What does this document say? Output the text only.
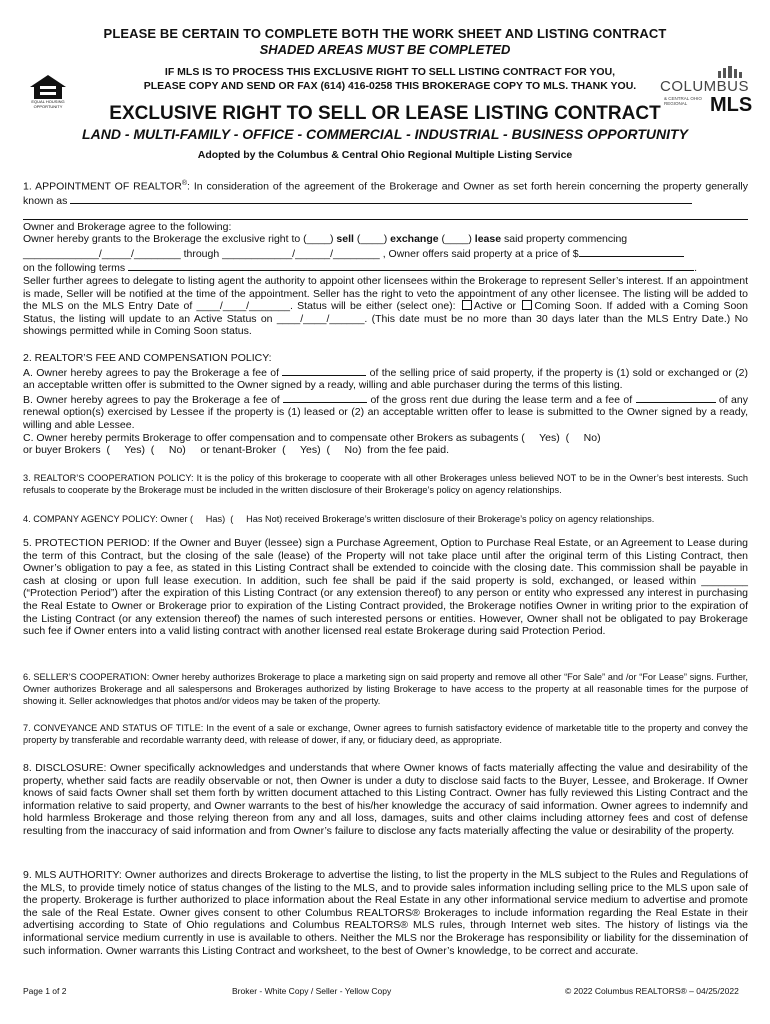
PLEASE BE CERTAIN TO COMPLETE BOTH THE WORK SHEET AND LISTING CONTRACT
SHADED AREAS MUST BE COMPLETED
IF MLS IS TO PROCESS THIS EXCLUSIVE RIGHT TO SELL LISTING CONTRACT FOR YOU,
PLEASE COPY AND SEND OR FAX (614) 416-0258 THIS BROKERAGE COPY TO MLS. THANK YOU.
EQUAL HOUSING OPPORTUNITY
COLUMBUS
& CENTRAL OHIO REGIONAL	MLS
EXCLUSIVE RIGHT TO SELL OR LEASE LISTING CONTRACT
LAND - MULTI-FAMILY - OFFICE - COMMERCIAL - INDUSTRIAL - BUSINESS OPPORTUNITY
Adopted by the Columbus & Central Ohio Regional Multiple Listing Service
1. APPOINTMENT OF REALTOR®: In consideration of the agreement of the Brokerage and Owner as set forth herein concerning the property generally known as
Owner and Brokerage agree to the following:
Owner hereby grants to the Brokerage the exclusive right to (____) sell (____) exchange (____) lease said property commencing
_____________/_____/________ through ____________/______/________ , Owner offers said property at a price of $
on the following terms	.
Seller further agrees to delegate to listing agent the authority to appoint other licensees within the Brokerage to represent Seller’s interest. If an appointment is made, Seller will be notified at the time of the appointment. Seller has the right to veto the appointment of any other licensee. The listing will be added to the MLS on the MLS Entry Date of ____/____/_______. Status will be either (select one): Active or Coming Soon. If added with a Coming Soon Status, the listing will update to an Active Status on ____/____/______. (This date must be no more than 30 days later than the MLS Entry Date.) No showings permitted while in Coming Soon status.
2. REALTOR’S FEE AND COMPENSATION POLICY:
A. Owner hereby agrees to pay the Brokerage a fee of	of the selling price of said property, if the property is (1) sold or exchanged or (2) an acceptable written offer is submitted to the Owner signed by a ready, willing and able purchaser during the terms of this listing.
B. Owner hereby agrees to pay the Brokerage a fee of	of the gross rent due during the lease term and a fee of	of any renewal option(s) exercised by Lessee if the property is (1) leased or (2) an acceptable written offer to lease is submitted to the Owner signed by a ready, willing and able Lessee.
C. Owner hereby permits Brokerage to offer compensation and to compensate other Brokers as subagents (     Yes)  (     No)
or buyer Brokers  (     Yes)  (     No)     or tenant-Broker  (     Yes)  (     No)  from the fee paid.
3. REALTOR’S COOPERATION POLICY: It is the policy of this brokerage to cooperate with all other Brokerages unless believed NOT to be in the Owner’s best interests. Such refusals to cooperate by the Brokerage must be included in the written disclosure of their Brokerage’s policy on agency relationships.
4. COMPANY AGENCY POLICY: Owner (     Has)  (     Has Not) received Brokerage’s written disclosure of their Brokerage’s policy on agency relationships.
5. PROTECTION PERIOD: If the Owner and Buyer (lessee) sign a Purchase Agreement, Option to Purchase Real Estate, or an Agreement to Lease during the term of this Contract, but the closing of the sale (lease) of the Property will not take place until after the original term of this Listing Contract, then Owner’s obligation to pay a fee, as stated in this Listing Contract shall be extended to coincide with the closing date. This commission shall be payable in cash at closing or upon full lease execution. In addition, such fee shall be paid if the said property is sold, exchanged, or leased within ________ (“Protection Period”) after the expiration of this Listing Contract (or any extension thereof) to any person or entity who expressed any interest in purchasing the Real Estate to Owner or Brokerage prior to expiration of the Listing Contract provided, the Brokerage notifies Owner in writing prior to the expiration of the Listing Contract (or any extension thereof) the names of such interested persons or entities. However, Owner shall not be obligated to pay Brokerage such fee if Owner enters into a valid listing contract with another licensed real estate Brokerage during said Protection Period.
6. SELLER’S COOPERATION: Owner hereby authorizes Brokerage to place a marketing sign on said property and remove all other “For Sale” and /or “For Lease” signs. Further, Owner authorizes Brokerage and all salespersons and Brokerages authorized by listing Brokerage to have access to the property at all reasonable times for the purpose of showing it. Seller acknowledges that photos and/or videos may be taken of the property.
7. CONVEYANCE AND STATUS OF TITLE: In the event of a sale or exchange, Owner agrees to furnish satisfactory evidence of marketable title to the property and convey the property by transferable and recordable warranty deed, with release of dower, if any, or fiduciary deed, as appropriate.
8. DISCLOSURE: Owner specifically acknowledges and understands that where Owner knows of facts materially affecting the value and desirability of the property, whether said facts are readily observable or not, then Owner is under a duty to disclose said facts to the Buyer, Lessee, and Brokerage. If Owner knows of said facts Owner shall set them forth by written document attached to this Listing Contract. Owner has fully reviewed this Listing Contract and the information relative to said property, and Owner warrants to the best of his/her knowledge the accuracy of said information. Owner agrees to indemnify and hold harmless Brokerage and those relying thereon from any and all loss, damages, suits and other claims including attorney fees and cost of defense resulting from the inaccuracy of said information and from Owner’s failure to disclose any facts materially affecting the value or desirability of the property.
9. MLS AUTHORITY: Owner authorizes and directs Brokerage to advertise the listing, to list the property in the MLS subject to the Rules and Regulations of the MLS, to provide timely notice of status changes of the listing to the MLS, and to provide sales information including selling price to the MLS upon sale of the property. Brokerage is further authorized to place information about the Real Estate in any other informational service medium to advertise and promote the sale of the Real Estate. Owner gives consent to other Columbus REALTORS® Brokerages to include information regarding the Real Estate in their advertising according to State of Ohio regulations and Columbus REALTORS® MLS rules, through Internet web sites. The history of listings via the informational service medium currently in use is available to others. Neither the MLS nor the Brokerage has responsibility or liability for the dissemination of such information. Owner warrants this Listing Contract and worksheet, to the best of Owner’s knowledge, to be correct and accurate.
Page 1 of 2	Broker - White Copy / Seller - Yellow Copy	© 2022 Columbus REALTORS® – 04/25/2022
